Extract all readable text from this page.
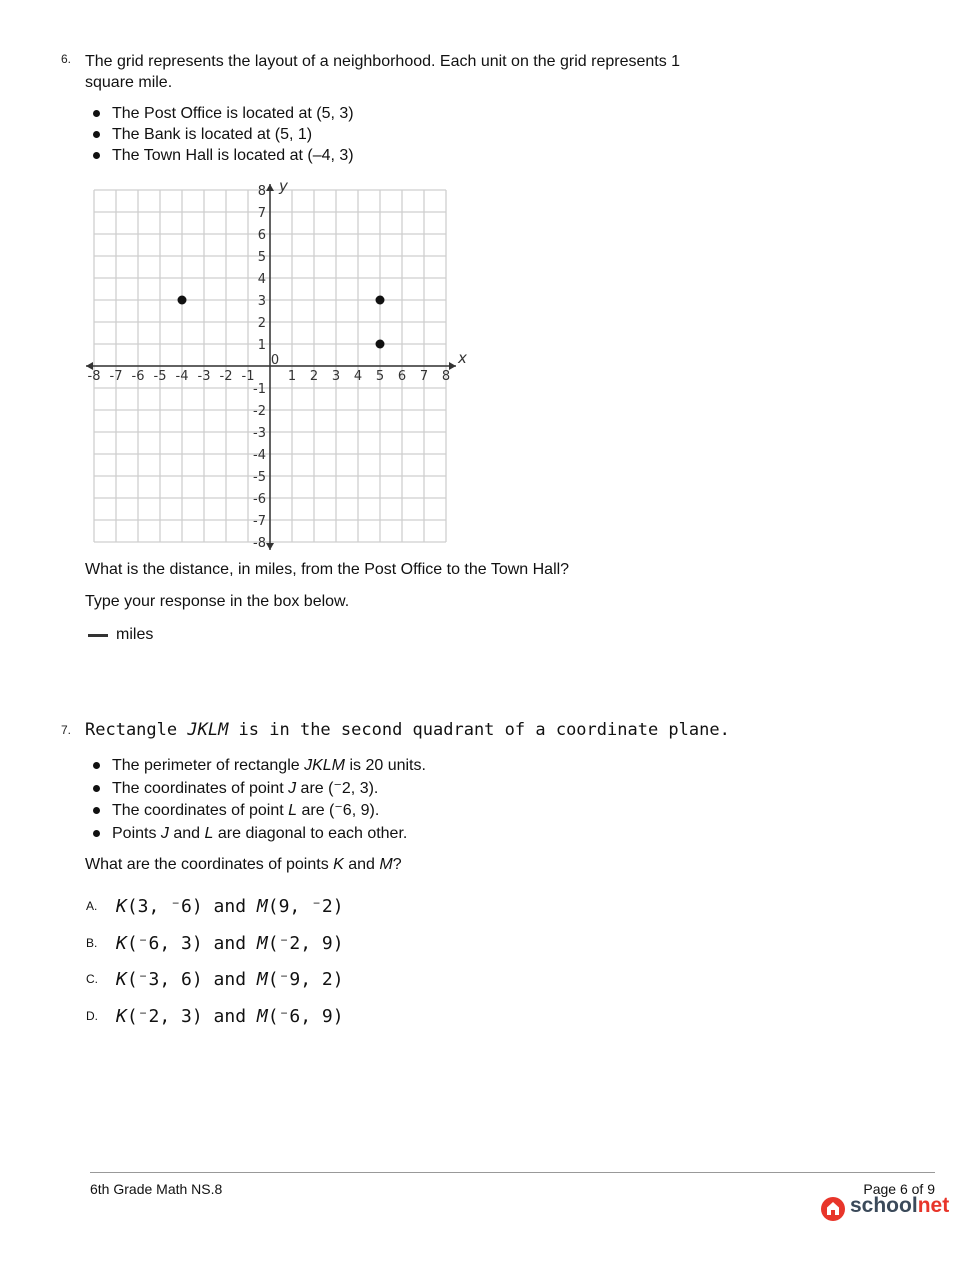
6. The grid represents the layout of a neighborhood. Each unit on the grid represents 1
square mile.
The Post Office is located at (5, 3)
The Bank is located at (5, 1)
The Town Hall is located at (–4, 3)
-8 -7 -6 -5 -4 -3 -2 -1
0
1 2 3 4 5 6 7 8
8
7
6
5
4
3
2
1
-1
-2
-3
-4
-5
-6
-7
-8
x
y
What is the distance, in miles, from the Post Office to the Town Hall?
Type your response in the box below.
miles
7. Rectangle JKLM is in the second quadrant of a coordinate plane.
The perimeter of rectangle JKLM is 20 units.
The coordinates of point J are (⁻2, 3).
The coordinates of point L are (⁻6, 9).
Points J and L are diagonal to each other.
What are the coordinates of points K and M?
A.	K(3, ⁻6) and M(9, ⁻2)
B.	K(⁻6, 3) and M(⁻2, 9)
C.	K(⁻3, 6) and M(⁻9, 2)
D.	K(⁻2, 3) and M(⁻6, 9)
6th Grade Math NS.8	Page 6 of 9
schoolnet
